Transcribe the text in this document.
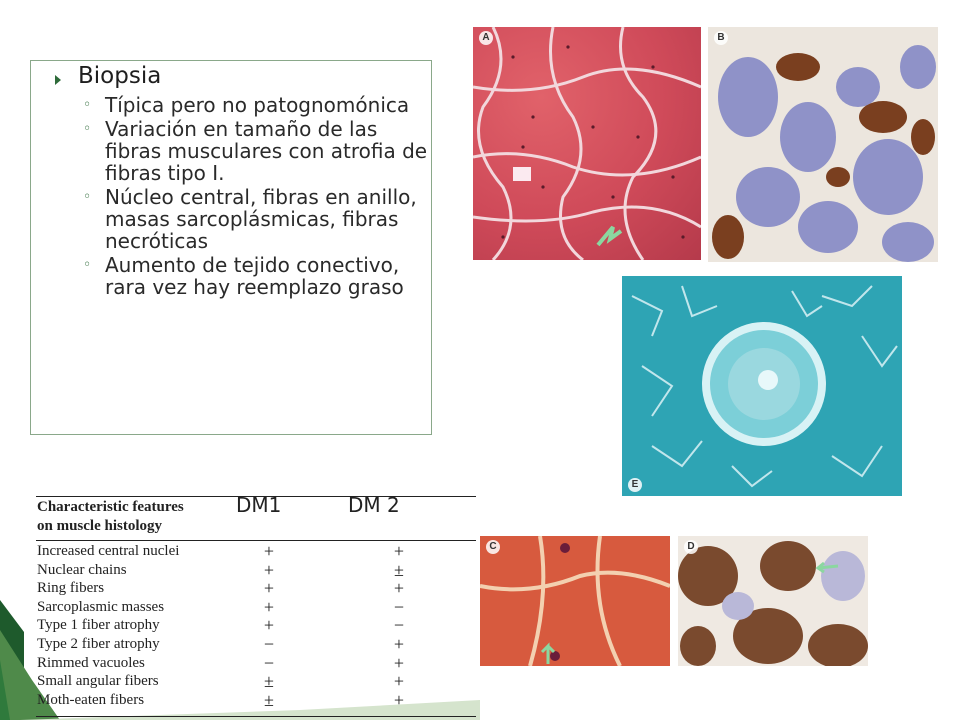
Biopsia
◦ Típica pero no patognomónica
◦ Variación en tamaño de las fibras musculares con atrofia de fibras tipo I.
◦ Núcleo central, fibras en anillo, masas sarcoplásmicas, fibras necróticas
◦ Aumento de tejido conectivo, rara vez hay reemplazo graso
A	B
E
C	D
Characteristic features
on muscle histology
DM1	DM 2
Increased central nuclei	+	+
Nuclear chains	+	±
Ring fibers	+	+
Sarcoplasmic masses	+	−
Type 1 fiber atrophy	+	−
Type 2 fiber atrophy	−	+
Rimmed vacuoles	−	+
Small angular fibers	±	+
Moth-eaten fibers	±	+
